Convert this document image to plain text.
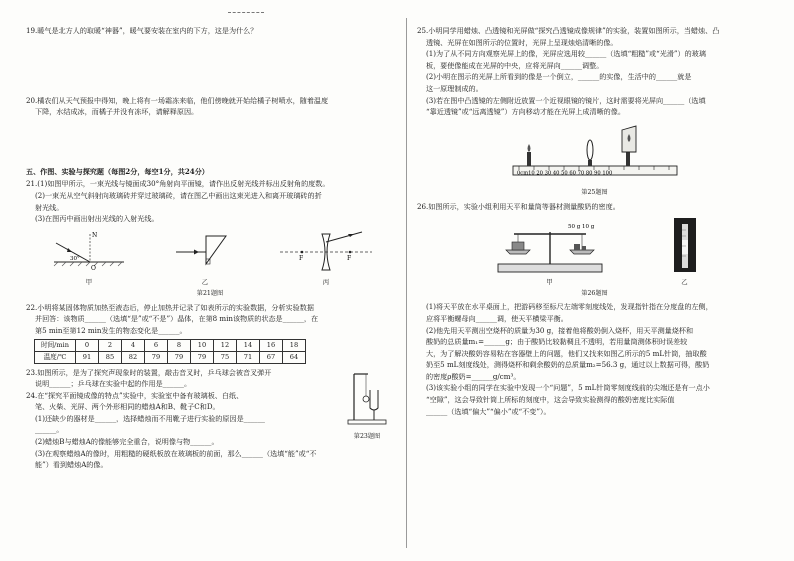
19.暖气是北方人的取暖“神器”，暖气要安装在室内的下方，这是为什么？

20.橘农们从天气预报中得知，晚上将有一场霜冻来临，他们傍晚就开始给橘子树喷水，随着温度

下降，水结成冰，而橘子并没有冻坏，请解释原因。

五、作图、实验与探究题（每图2分，每空1分，共24分）

21.(1)如图甲所示，一束光线与镜面成30°角射向平面镜，请作出反射光线并标出反射角的度数。

(2)一束光从空气斜射向玻璃砖并穿过玻璃砖，请在图乙中画出这束光进入和离开玻璃砖的折

射光线。

(3)在图丙中画出射出光线的入射光线。

N
O
30°
甲	乙
F	F
丙
第21题图

22.小明将某固体物质加热至液态后，停止加热并记录了如表所示的实验数据，分析实验数据

并回答：该物质______（选填“是”或“不是”）晶体，在第8 min该物质的状态是______，在

第5 min至第12 min发生的物态变化是______。

时间/min	0	2	4	6	8	10	12	14	16	18
温度/℃	91	85	82	79	79	79	75	71	67	64
第23题图

23.如图所示，是为了探究声现象时的装置，敲击音叉时，乒乓球会被音叉弹开

说明______；乒乓球在实验中起的作用是______。

24.在“探究平面镜成像的特点”实验中，实验室中备有玻璃板、白纸、

笔、火柴、光屏、两个外形相同的蜡烛A和B、靴子C和D。

(1)还缺少的器材是______，选择蜡烛而不用靴子进行实验的原因是______

______。

(2)蜡烛B与蜡烛A的像能够完全重合，说明像与物______。

(3)在观察蜡烛A的像时，用粗糙的硬纸板放在玻璃板的前面，那么______（选填“能”或“不

能”）看到蜡烛A的像。

25.小明同学用蜡烛、凸透镜和光屏做“探究凸透镜成像规律”的实验，装置如图所示，当蜡烛、凸

透镜、光屏在如图所示的位置时，光屏上呈现烛焰清晰的像。

(1)为了从不同方向观察光屏上的像，光屏应选用较______（选填“粗糙”或“光滑”）的玻璃

板，要使像能成在光屏的中央，应将光屏向______调整。

(2)小明在图示的光屏上所看到的像是一个倒立，______的实像，生活中的______就是

这一原理制成的。

(3)若在图中凸透镜的左侧附近放置一个近视眼镜的镜片，这时需要将光屏向______（选填

“靠近透镜”或“远离透镜”）方向移动才能在光屏上成清晰的像。

0cm10 20 30 40 50 60 70 80 90 100
第25题图

26.如图所示，实验小组利用天平和量筒等器材测量酸奶的密度。

50 g 10 g
甲	乙
第26题图

(1)将天平放在水平桌面上，把游码移至标尺左端零刻度线处，发现指针指在分度盘的左侧，

应将平衡螺母向______调，使天平横梁平衡。

(2)他先用天平测出空烧杯的质量为30 g，接着他将酸奶倒入烧杯，用天平测量烧杯和

酸奶的总质量m₁=______g；由于酸奶比较黏稠且不透明，若用量筒测体积时误差较

大，为了解决酸奶容易粘在容器壁上的问题，他们又找来如图乙所示的5 mL针筒，抽取酸

奶至5 mL刻度线处，测得烧杯和剩余酸奶的总质量m₂=56.3 g，通过以上数据可得，酸奶

的密度ρ酸奶=______g/cm³。

(3)该实验小组的同学在实验中发现一个“问题”，5 mL针筒零刻度线前的尖端还是有一点小

“空隙”，这会导致针筒上所标的刻度中，这会导致实验测得的酸奶密度比实际值

______（选填“偏大”“偏小”或“不变”）。
